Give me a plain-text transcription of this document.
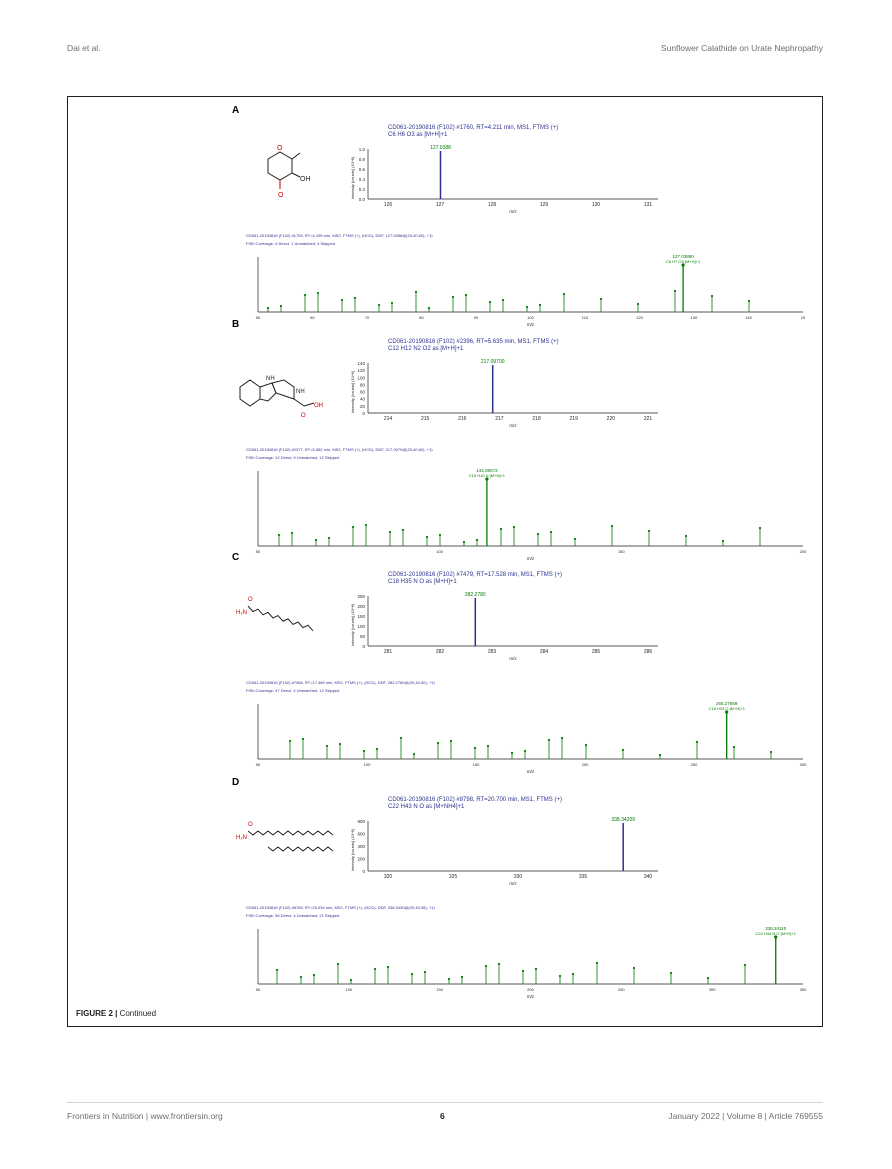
Dai et al.	Sunflower Calathide on Urate Nephropathy
A
O
OH
O
CD061-20190816 (F102) #1760, RT=4.211 min, MS1, FTMS (+)
C6 H6 O3 as [M+H]+1
1.0
0.8
0.6
0.4
0.2
0.0
126	127	128	129	130	131
m/z
Intensity [counts] (10^6)
127.0388
CD061-20190816 (F102) #1759, RT=4.199 min, MS2, FTMS (+), (HCD), DDF, 127.0388@(20,40,60), +1)
FISh Coverage: 4 Direct, 1 Unmatched, 3 Skipped
50	60	70	80	90	100	110	120	130	140	15
m/z
127.03880
C6 H7 O3 [M+H]+1
B
NH
NH
OH
O
CD061-20190816 (F102) #2396, RT=5.635 min, MS1, FTMS (+)
C12 H12 N2 O2 as [M+H]+1
140
120
100
80
60
40
20
0
214	215	216	217	218	219	220	221
m/z
Intensity [counts] (10^6)
217.09700
CD061-20190816 (F102) #2377, RT=5.582 min, MS2, FTMS (+), (HCD), DDF, 217.0970@(20,40,60), +1)
FISh Coverage: 12 Direct, 9 Unmatched, 12 Skipped
50	100	150	200
m/z
144.08073
C10 H10 N [M+H]+1
C
H₂N
O
CD061-20190816 (F102) #7479, RT=17.528 min, MS1, FTMS (+)
C18 H35 N O as [M+H]+1
250
200
150
100
50
0
281	282	283	284	285	286
m/z
Intensity [counts] (10^6)
282.2780
CD061-20190816 (F102) #7466, RT=17.489 min, MS2, FTMS (+), (HCD), DDF, 282.2780@(20,40,60), +1)
FISh Coverage: 47 Direct, 4 Unmatched, 12 Skipped
50	100	150	200	250	300
m/z
265.27869
C18 H33 O [M+H]+1
D
H₂N
O
CD061-20190816 (F102) #8798, RT=20.700 min, MS1, FTMS (+)
C22 H43 N O as [M+NH4]+1
800
600
400
200
0
320	325	330	335	340
m/z
Intensity [counts] (10^6)
338.34209
CD061-20190816 (F102) #8769, RT=20.634 min, MS2, FTMS (+), (HCD), DDF, 338.3430@(20,40,55), +1)
FISh Coverage: 56 Direct, 4 Unmatched, 21 Skipped
50	100	150	200	250	300	350
m/z
338.34110
C22 H44 N O [M+H]+1
FIGURE 2 | Continued
Frontiers in Nutrition | www.frontiersin.org	6	January 2022 | Volume 8 | Article 769555
